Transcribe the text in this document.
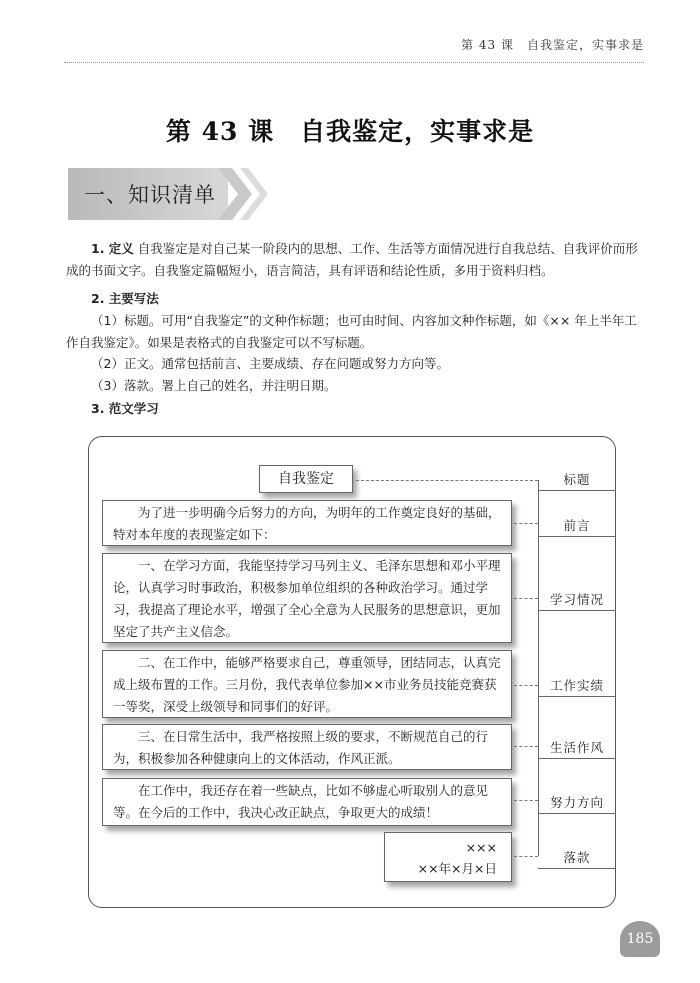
第 43 课　自我鉴定，实事求是
第 43 课　自我鉴定，实事求是
一、知识清单
1. 定义 自我鉴定是对自己某一阶段内的思想、工作、生活等方面情况进行自我总结、自我评价而形成的书面文字。自我鉴定篇幅短小，语言简洁，具有评语和结论性质，多用于资料归档。
2. 主要写法
（1）标题。可用“自我鉴定”的文种作标题；也可由时间、内容加文种作标题，如《×× 年上半年工作自我鉴定》。如果是表格式的自我鉴定可以不写标题。
（2）正文。通常包括前言、主要成绩、存在问题或努力方向等。
（3）落款。署上自己的姓名，并注明日期。
3. 范文学习
自我鉴定

为了进一步明确今后努力的方向，为明年的工作奠定良好的基础，特对本年度的表现鉴定如下：

一、在学习方面，我能坚持学习马列主义、毛泽东思想和邓小平理论，认真学习时事政治，积极参加单位组织的各种政治学习。通过学习，我提高了理论水平，增强了全心全意为人民服务的思想意识，更加坚定了共产主义信念。

二、在工作中，能够严格要求自己，尊重领导，团结同志，认真完成上级布置的工作。三月份，我代表单位参加××市业务员技能竞赛获一等奖，深受上级领导和同事们的好评。

三、在日常生活中，我严格按照上级的要求，不断规范自己的行为，积极参加各种健康向上的文体活动，作风正派。

在工作中，我还存在着一些缺点，比如不够虚心听取别人的意见等。在今后的工作中，我决心改正缺点，争取更大的成绩！

×××
××年×月×日
标题
前言
学习情况
工作实绩
生活作风
努力方向
落款
185
